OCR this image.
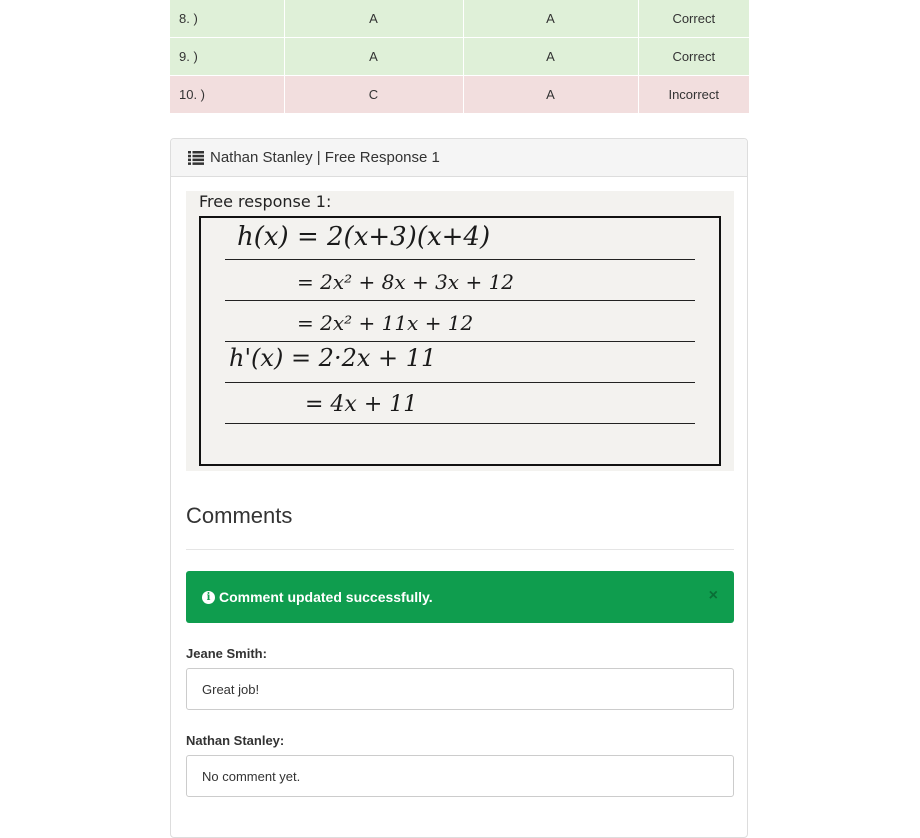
8. )	A	A	Correct
9. )	A	A	Correct
10. )	C	A	Incorrect
Nathan Stanley | Free Response 1
Free response 1:
h(x) = 2(x+3)(x+4)
= 2x² + 8x + 3x + 12
= 2x² + 11x + 12
h'(x) = 2·2x + 11
= 4x + 11
Comments
i Comment updated successfully.	×
Jeane Smith:
Great job!
Nathan Stanley:
No comment yet.
